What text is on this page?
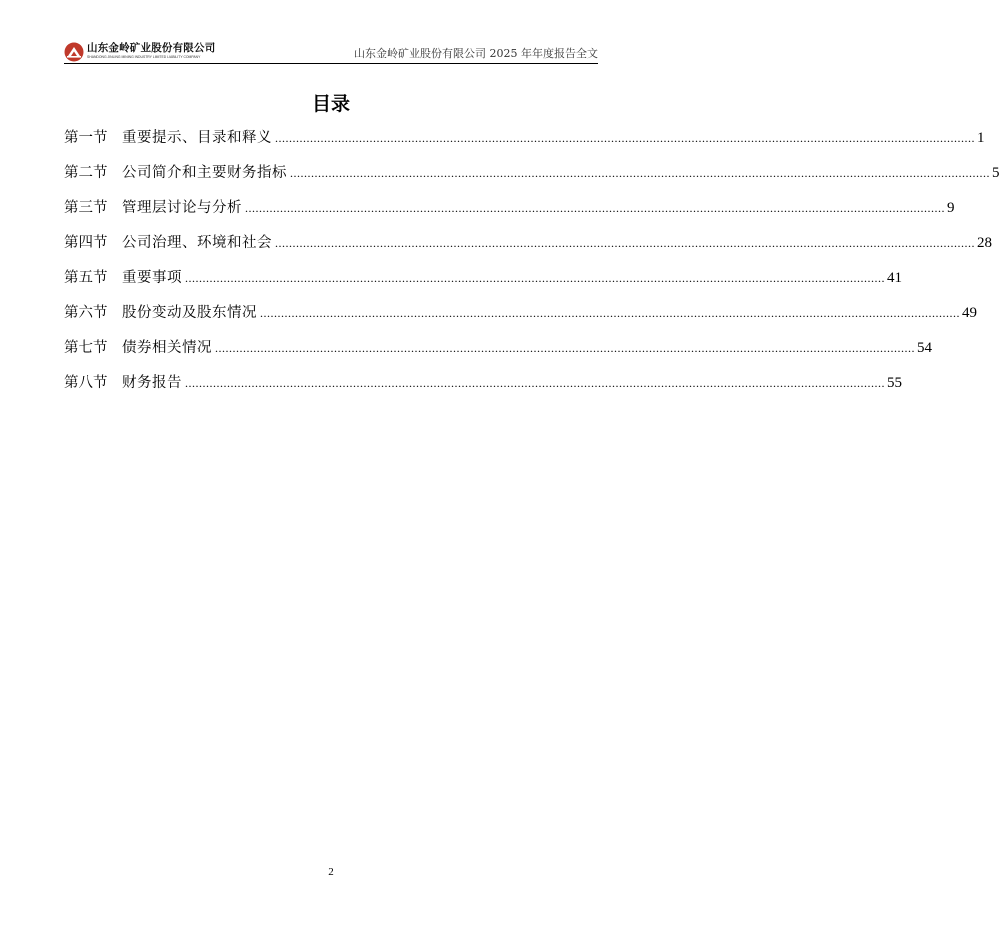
山东金岭矿业股份有限公司
SHANDONG JINLING MINING INDUSTRY LIMITED LIABILITY COMPANY	山东金岭矿业股份有限公司 2025 年年度报告全文
目录
第一节	重要提示、目录和释义 ........................................................................................................................................................................................................ 1
第二节	公司简介和主要财务指标 ........................................................................................................................................................................................................ 5
第三节	管理层讨论与分析 ........................................................................................................................................................................................................ 9
第四节	公司治理、环境和社会 ........................................................................................................................................................................................................ 28
第五节	重要事项 ........................................................................................................................................................................................................ 41
第六节	股份变动及股东情况 ........................................................................................................................................................................................................ 49
第七节	债券相关情况 ........................................................................................................................................................................................................ 54
第八节	财务报告 ........................................................................................................................................................................................................ 55
2
